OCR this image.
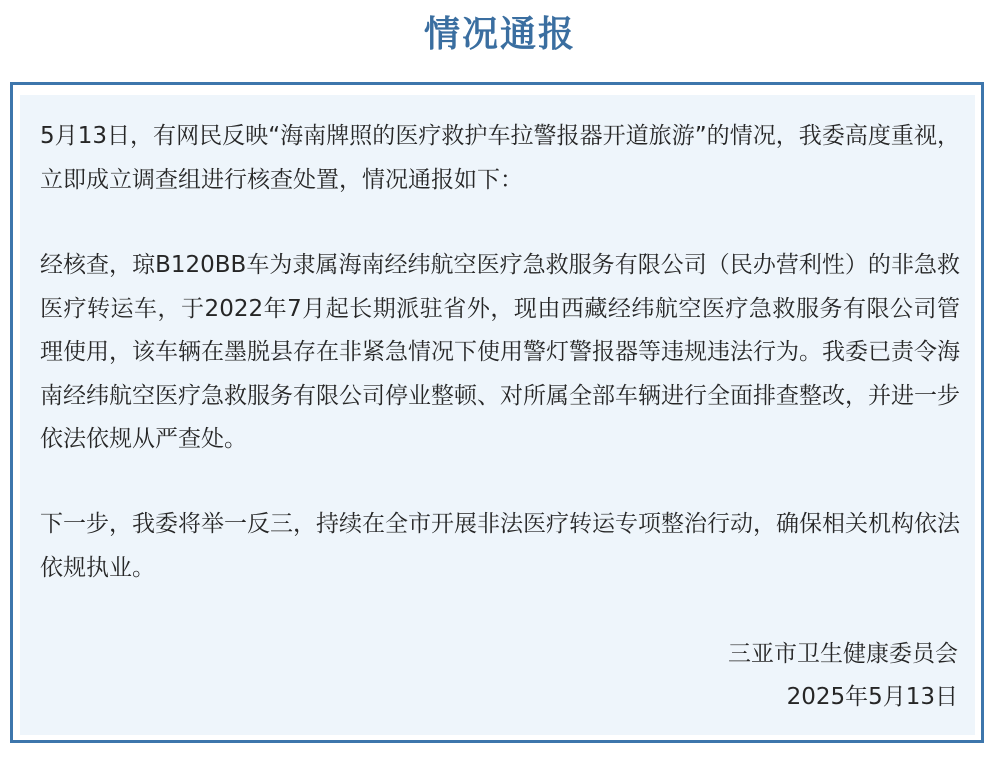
情况通报

5月13日，有网民反映“海南牌照的医疗救护车拉警报器开道旅游”的情况，我委高度重视，立即成立调查组进行核查处置，情况通报如下：

经核查，琼B120BB车为隶属海南经纬航空医疗急救服务有限公司（民办营利性）的非急救医疗转运车，于2022年7月起长期派驻省外，现由西藏经纬航空医疗急救服务有限公司管理使用，该车辆在墨脱县存在非紧急情况下使用警灯警报器等违规违法行为。我委已责令海南经纬航空医疗急救服务有限公司停业整顿、对所属全部车辆进行全面排查整改，并进一步依法依规从严查处。

下一步，我委将举一反三，持续在全市开展非法医疗转运专项整治行动，确保相关机构依法依规执业。

三亚市卫生健康委员会
2025年5月13日
